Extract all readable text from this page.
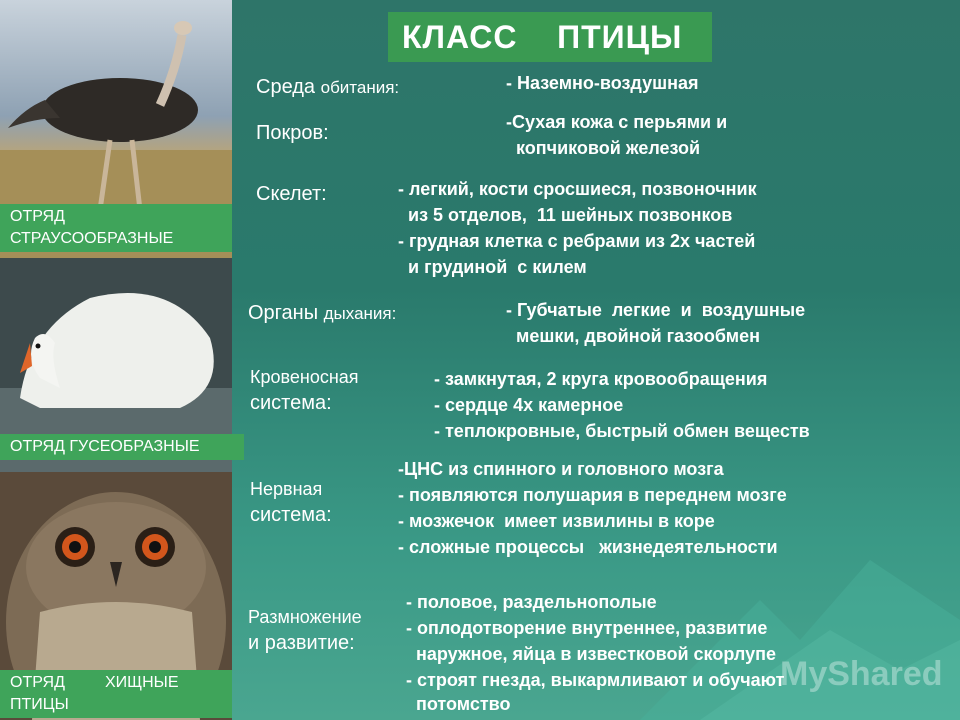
ОТРЯД СТРАУСООБРАЗНЫЕ
ОТРЯД ГУСЕОБРАЗНЫЕ
ОТРЯД         ХИЩНЫЕ ПТИЦЫ
КЛАСС    ПТИЦЫ
Среда обитания:	- Наземно-воздушная
Покров:	-Сухая кожа с перьями и
копчиковой железой
Скелет:	- легкий, кости сросшиеся, позвоночник
из 5 отделов,  11 шейных позвонков
- грудная клетка с ребрами из 2х частей
и грудиной  с килем
Органы дыхания:	- Губчатые  легкие  и  воздушные
мешки, двойной газообмен
Кровеносная
система:
- замкнутая, 2 круга кровообращения
- сердце 4х камерное
- теплокровные, быстрый обмен веществ
Нервная
система:
-ЦНС из спинного и головного мозга
- появляются полушария в переднем мозге
- мозжечок  имеет извилины в коре
- сложные процессы   жизнедеятельности
Размножение
и развитие:
- половое, раздельнополые
- оплодотворение внутреннее, развитие
наружное, яйца в известковой скорлупе
- строят гнезда, выкармливают и обучают
потомство
MyShared
